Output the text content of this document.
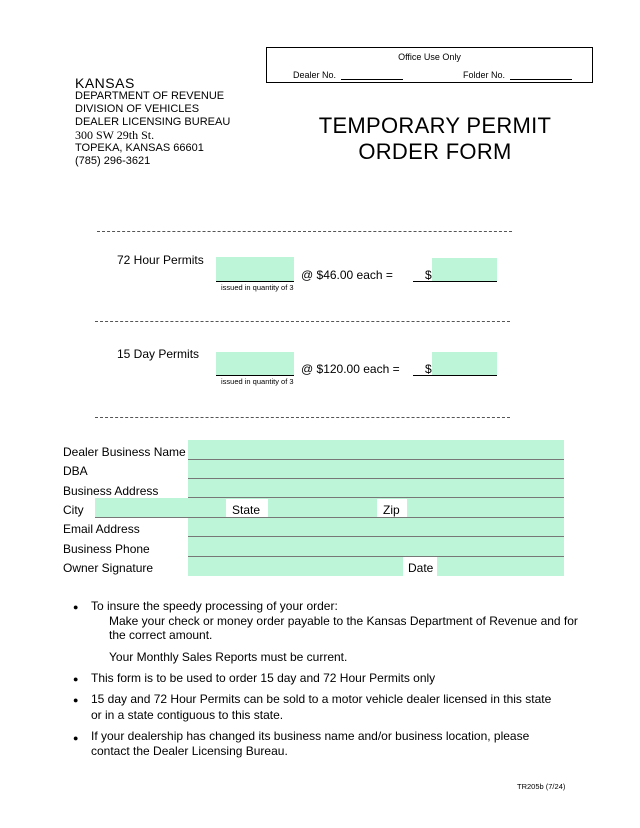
Office Use Only
Dealer No.	Folder No.
KANSAS
DEPARTMENT OF REVENUE
DIVISION OF VEHICLES
DEALER LICENSING BUREAU
300 SW 29th St.
TOPEKA, KANSAS 66601
(785) 296-3621
TEMPORARY PERMIT
ORDER FORM
72 Hour Permits
issued in quantity of 3
@ $46.00 each =	$
15 Day Permits
issued in quantity of 3
@ $120.00 each = $
Dealer Business Name
DBA
Business Address
City	State	Zip
Email Address
Business Phone
Owner Signature	Date
● To insure the speedy processing of your order:
Make your check or money order payable to the Kansas Department of Revenue and for
the correct amount.
Your Monthly Sales Reports must be current.
● This form is to be used to order 15 day and 72 Hour Permits only
● 15 day and 72 Hour Permits can be sold to a motor vehicle dealer licensed in this state
or in a state contiguous to this state.
● If your dealership has changed its business name and/or business location, please
contact the Dealer Licensing Bureau.
TR205b (7/24)
